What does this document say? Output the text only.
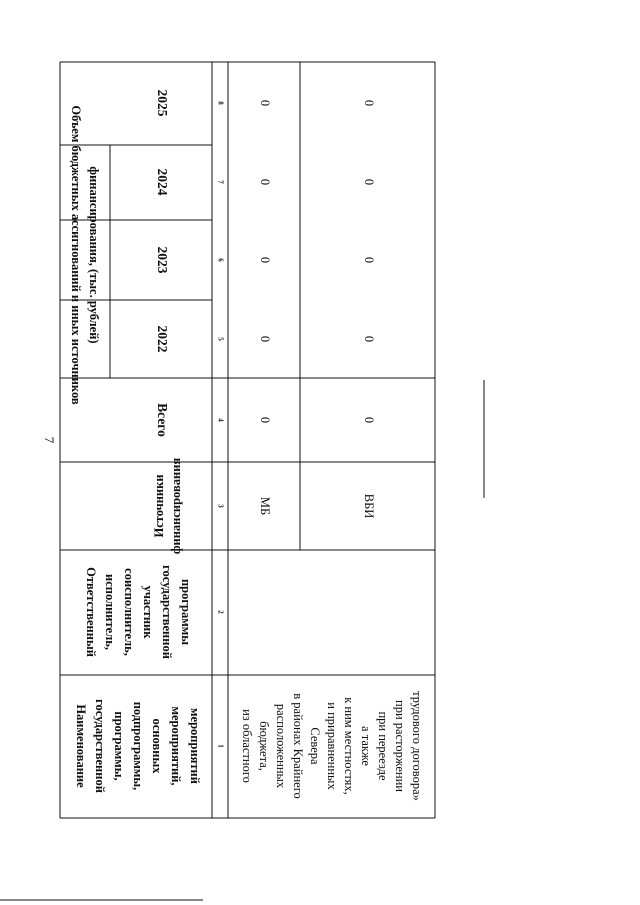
7
Наименование государственной программы, подпрограммы, основных мероприятий, мероприятий
Ответственный исполнитель, соисполнитель, участник государственной программы
Источники финансирования
Объем бюджетных ассигнований и иных источников финансирования, (тыс. рублей)
Всего
2022
2023
2024
2025
1
2
3
4
5
6
7
8
из областного бюджета, расположенных в районах Крайнего Севера и приравненных к ним местностях, а также при переезде при расторжении трудового договора»
МБ
0
0
0
0
0
ВБИ
0
0
0
0
0
